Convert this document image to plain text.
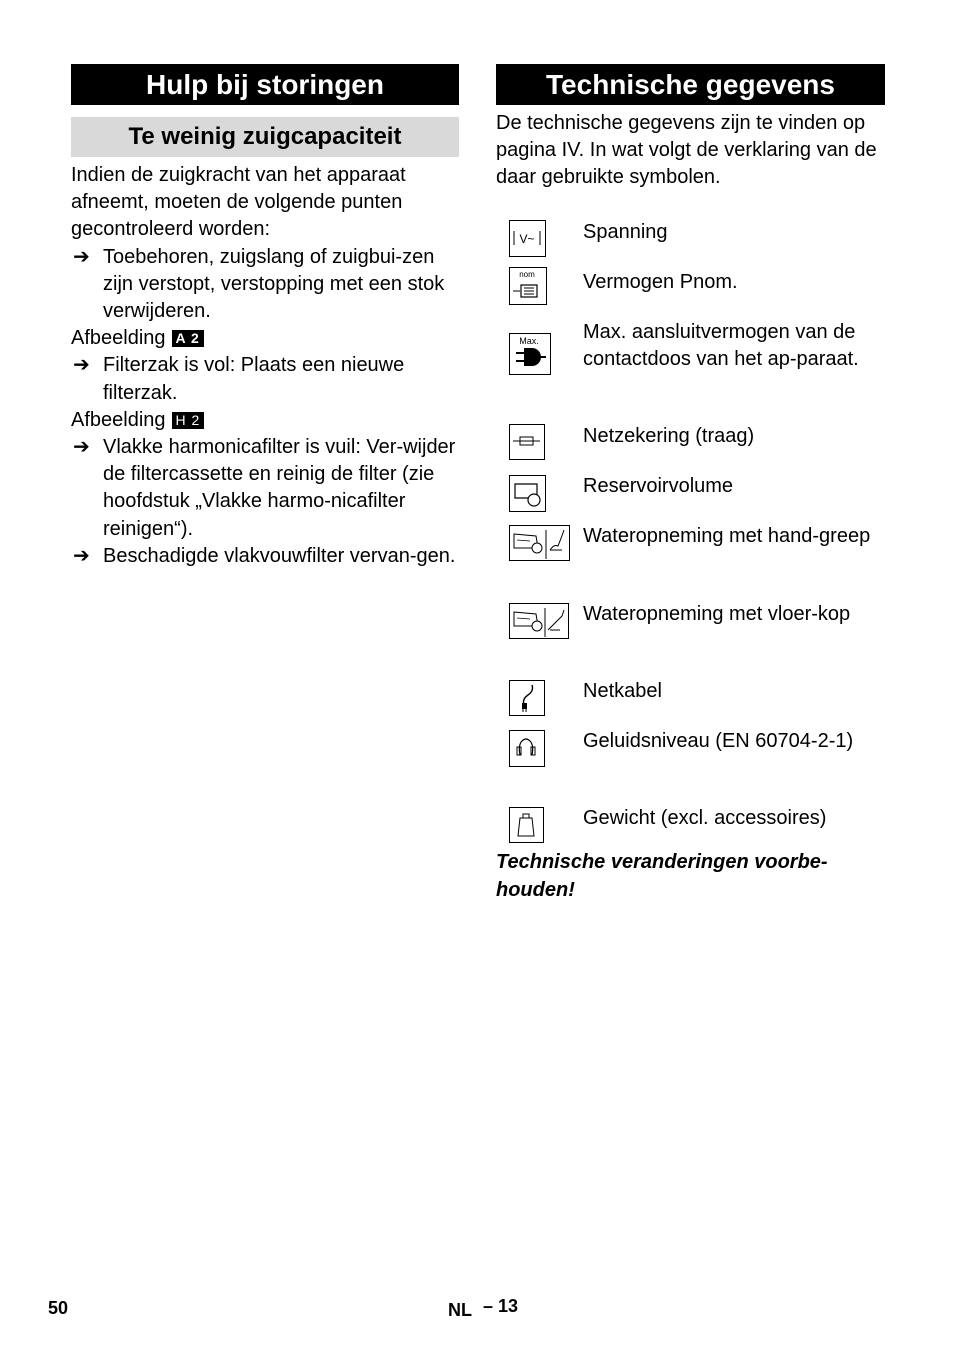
Hulp bij storingen
Te weinig zuigcapaciteit
Indien de zuigkracht van het apparaat afneemt, moeten de volgende punten gecontroleerd worden:
➔ Toebehoren, zuigslang of zuigbui-zen zijn verstopt, verstopping met een stok verwijderen.
Afbeelding A 2
➔ Filterzak is vol: Plaats een nieuwe filterzak.
Afbeelding H 2
➔ Vlakke harmonicafilter is vuil: Ver-wijder de filtercassette en reinig de filter (zie hoofdstuk „Vlakke harmo-nicafilter reinigen“).
➔ Beschadigde vlakvouwfilter vervan-gen.
Technische gegevens
De technische gegevens zijn te vinden op pagina IV. In wat volgt de verklaring van de daar gebruikte symbolen.
V~ Spanning
nom Vermogen Pnom.
Max. Max. aansluitvermogen van de contactdoos van het ap-paraat.
Netzekering (traag)
Reservoirvolume
Wateropneming met hand-greep
Wateropneming met vloer-kop
Netkabel
Geluidsniveau (EN 60704-2-1)
Gewicht (excl. accessoires)
Technische veranderingen voorbe-houden!
50	NL – 13
